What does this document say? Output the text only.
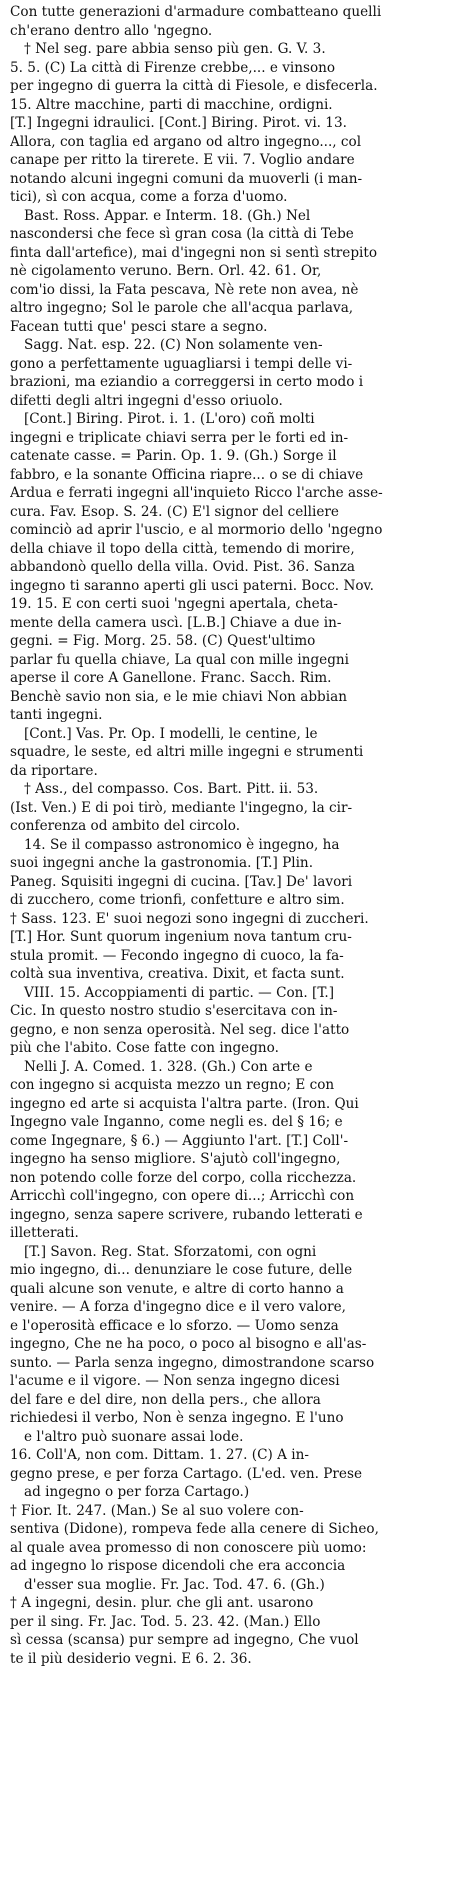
Con tutte generazioni d'armadure combatteano quelli
ch'erano dentro allo 'ngegno.
† Nel seg. pare abbia senso più gen. G. V. 3.
5. 5. (C) La città di Firenze crebbe,... e vinsono
per ingegno di guerra la città di Fiesole, e disfecerla.
15. Altre macchine, parti di macchine, ordigni.
[T.] Ingegni idraulici. [Cont.] Biring. Pirot. vi. 13.
Allora, con taglia ed argano od altro ingegno..., col
canape per ritto la tirerete. E vii. 7. Voglio andare
notando alcuni ingegni comuni da muoverli (i man-
tici), sì con acqua, come a forza d'uomo.
Bast. Ross. Appar. e Interm. 18. (Gh.) Nel
nascondersi che fece sì gran cosa (la città di Tebe
finta dall'artefice), mai d'ingegni non si sentì strepito
nè cigolamento veruno. Bern. Orl. 42. 61. Or,
com'io dissi, la Fata pescava, Nè rete non avea, nè
altro ingegno; Sol le parole che all'acqua parlava,
Facean tutti que' pesci stare a segno.
Sagg. Nat. esp. 22. (C) Non solamente ven-
gono a perfettamente uguagliarsi i tempi delle vi-
brazioni, ma eziandio a correggersi in certo modo i
difetti degli altri ingegni d'esso oriuolo.
[Cont.] Biring. Pirot. i. 1. (L'oro) coñ molti
ingegni e triplicate chiavi serra per le forti ed in-
catenate casse. = Parin. Op. 1. 9. (Gh.) Sorge il
fabbro, e la sonante Officina riapre... o se di chiave
Ardua e ferrati ingegni all'inquieto Ricco l'arche asse-
cura. Fav. Esop. S. 24. (C) E'l signor del celliere
cominciò ad aprir l'uscio, e al mormorio dello 'ngegno
della chiave il topo della città, temendo di morire,
abbandonò quello della villa. Ovid. Pist. 36. Sanza
ingegno ti saranno aperti gli usci paterni. Bocc. Nov.
19. 15. E con certi suoi 'ngegni apertala, cheta-
mente della camera uscì. [L.B.] Chiave a due in-
gegni. = Fig. Morg. 25. 58. (C) Quest'ultimo
parlar fu quella chiave, La qual con mille ingegni
aperse il core A Ganellone. Franc. Sacch. Rim.
Benchè savio non sia, e le mie chiavi Non abbian
tanti ingegni.
[Cont.] Vas. Pr. Op. I modelli, le centine, le
squadre, le seste, ed altri mille ingegni e strumenti
da riportare.
† Ass., del compasso. Cos. Bart. Pitt. ii. 53.
(Ist. Ven.) E di poi tirò, mediante l'ingegno, la cir-
conferenza od ambito del circolo.
14. Se il compasso astronomico è ingegno, ha
suoi ingegni anche la gastronomia. [T.] Plin.
Paneg. Squisiti ingegni di cucina. [Tav.] De' lavori
di zucchero, come trionfi, confetture e altro sim.
† Sass. 123. E' suoi negozi sono ingegni di zuccheri.
[T.] Hor. Sunt quorum ingenium nova tantum cru-
stula promit. — Fecondo ingegno di cuoco, la fa-
coltà sua inventiva, creativa. Dixit, et facta sunt.
VIII. 15. Accoppiamenti di partic. — Con. [T.]
Cic. In questo nostro studio s'esercitava con in-
gegno, e non senza operosità. Nel seg. dice l'atto
più che l'abito. Cose fatte con ingegno.
Nelli J. A. Comed. 1. 328. (Gh.) Con arte e
con ingegno si acquista mezzo un regno; E con
ingegno ed arte si acquista l'altra parte. (Iron. Qui
Ingegno vale Inganno, come negli es. del § 16; e
come Ingegnare, § 6.) — Aggiunto l'art. [T.] Coll'-
ingegno ha senso migliore. S'ajutò coll'ingegno,
non potendo colle forze del corpo, colla ricchezza.
Arricchì coll'ingegno, con opere di...; Arricchì con
ingegno, senza sapere scrivere, rubando letterati e
illetterati.
[T.] Savon. Reg. Stat. Sforzatomi, con ogni
mio ingegno, di... denunziare le cose future, delle
quali alcune son venute, e altre di corto hanno a
venire. — A forza d'ingegno dice e il vero valore,
e l'operosità efficace e lo sforzo. — Uomo senza
ingegno, Che ne ha poco, o poco al bisogno e all'as-
sunto. — Parla senza ingegno, dimostrandone scarso
l'acume e il vigore. — Non senza ingegno dicesi
del fare e del dire, non della pers., che allora
richiedesi il verbo, Non è senza ingegno. E l'uno
e l'altro può suonare assai lode.
16. Coll'A, non com. Dittam. 1. 27. (C) A in-
gegno prese, e per forza Cartago. (L'ed. ven. Prese
ad ingegno o per forza Cartago.)
† Fior. It. 247. (Man.) Se al suo volere con-
sentiva (Didone), rompeva fede alla cenere di Sicheo,
al quale avea promesso di non conoscere più uomo:
ad ingegno lo rispose dicendoli che era acconcia
d'esser sua moglie. Fr. Jac. Tod. 47. 6. (Gh.)
† A ingegni, desin. plur. che gli ant. usarono
per il sing. Fr. Jac. Tod. 5. 23. 42. (Man.) Ello
sì cessa (scansa) pur sempre ad ingegno, Che vuol
te il più desiderio vegni. E 6. 2. 36.
